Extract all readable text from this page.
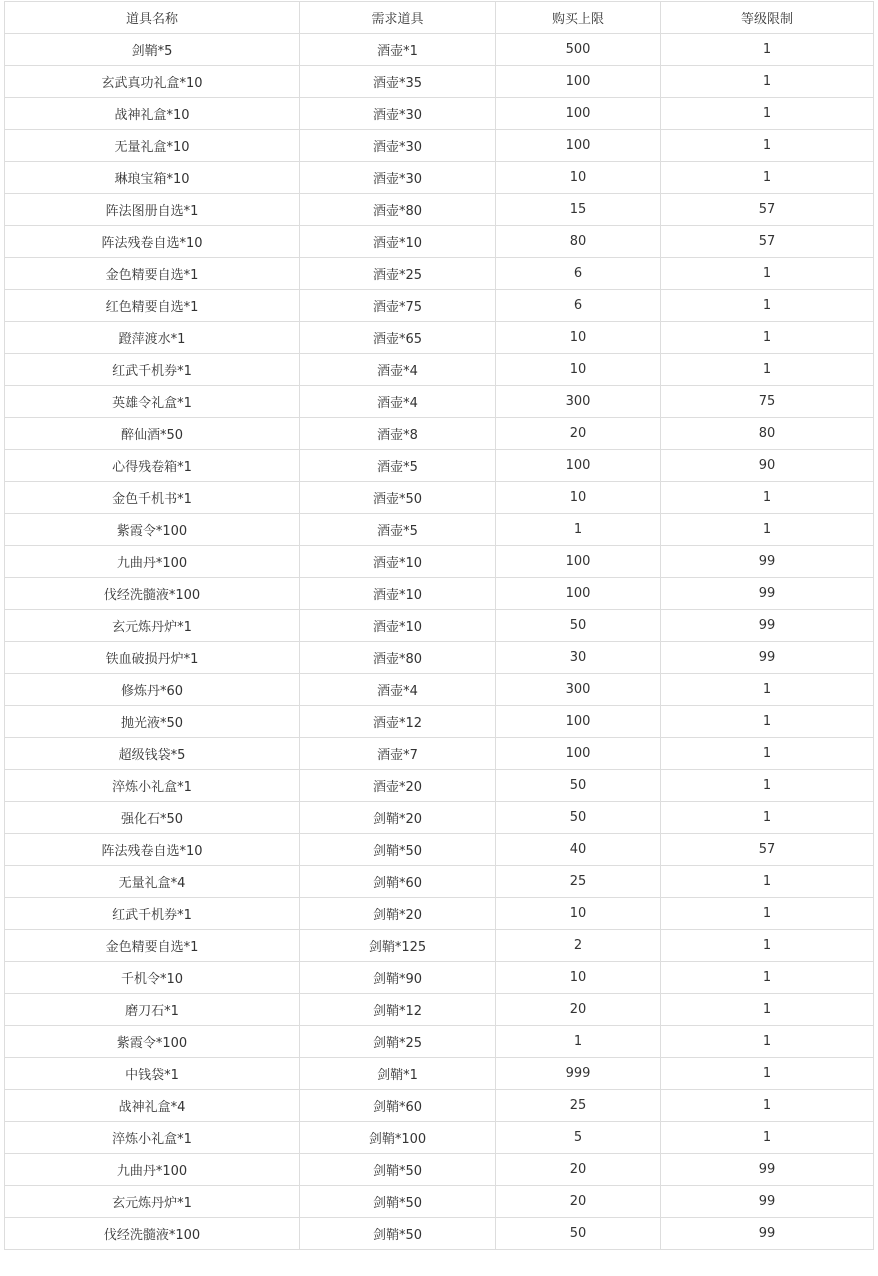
道具名称	需求道具	购买上限	等级限制
剑鞘*5	酒壶*1	500	1
玄武真功礼盒*10	酒壶*35	100	1
战神礼盒*10	酒壶*30	100	1
无量礼盒*10	酒壶*30	100	1
琳琅宝箱*10	酒壶*30	10	1
阵法图册自选*1	酒壶*80	15	57
阵法残卷自选*10	酒壶*10	80	57
金色精要自选*1	酒壶*25	6	1
红色精要自选*1	酒壶*75	6	1
蹬萍渡水*1	酒壶*65	10	1
红武千机券*1	酒壶*4	10	1
英雄令礼盒*1	酒壶*4	300	75
醉仙酒*50	酒壶*8	20	80
心得残卷箱*1	酒壶*5	100	90
金色千机书*1	酒壶*50	10	1
紫霞令*100	酒壶*5	1	1
九曲丹*100	酒壶*10	100	99
伐经洗髓液*100	酒壶*10	100	99
玄元炼丹炉*1	酒壶*10	50	99
铁血破损丹炉*1	酒壶*80	30	99
修炼丹*60	酒壶*4	300	1
抛光液*50	酒壶*12	100	1
超级钱袋*5	酒壶*7	100	1
淬炼小礼盒*1	酒壶*20	50	1
强化石*50	剑鞘*20	50	1
阵法残卷自选*10	剑鞘*50	40	57
无量礼盒*4	剑鞘*60	25	1
红武千机券*1	剑鞘*20	10	1
金色精要自选*1	剑鞘*125	2	1
千机令*10	剑鞘*90	10	1
磨刀石*1	剑鞘*12	20	1
紫霞令*100	剑鞘*25	1	1
中钱袋*1	剑鞘*1	999	1
战神礼盒*4	剑鞘*60	25	1
淬炼小礼盒*1	剑鞘*100	5	1
九曲丹*100	剑鞘*50	20	99
玄元炼丹炉*1	剑鞘*50	20	99
伐经洗髓液*100	剑鞘*50	50	99
